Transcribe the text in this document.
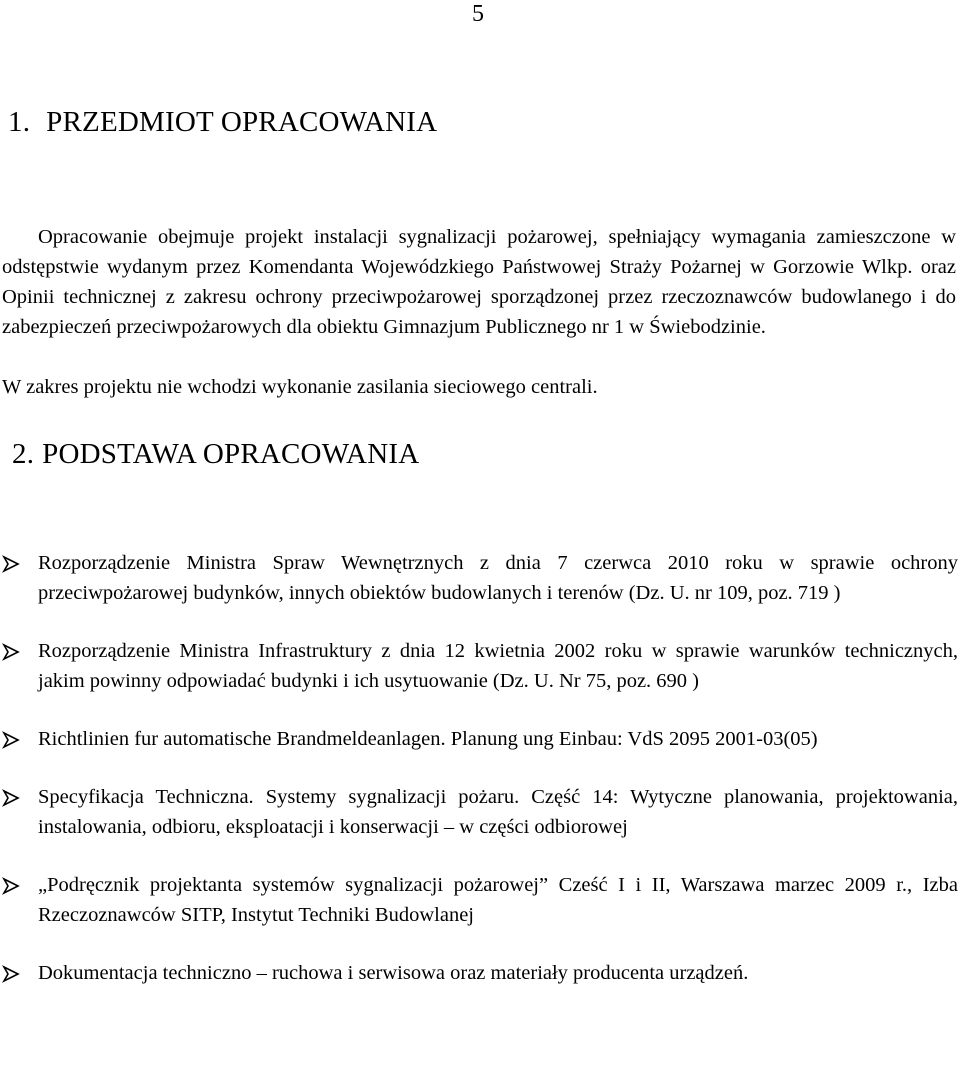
5
1. PRZEDMIOT OPRACOWANIA

Opracowanie obejmuje projekt instalacji sygnalizacji pożarowej, spełniający wymagania zamieszczone w odstępstwie wydanym przez Komendanta Wojewódzkiego Państwowej Straży Pożarnej w Gorzowie Wlkp. oraz Opinii technicznej z zakresu ochrony przeciwpożarowej sporządzonej przez rzeczoznawców budowlanego i do zabezpieczeń przeciwpożarowych dla obiektu Gimnazjum Publicznego nr 1 w Świebodzinie.

W zakres projektu nie wchodzi wykonanie zasilania sieciowego centrali.

2. PODSTAWA OPRACOWANIA
Rozporządzenie Ministra Spraw Wewnętrznych z dnia 7 czerwca 2010 roku w sprawie ochrony przeciwpożarowej budynków, innych obiektów budowlanych i terenów (Dz. U. nr 109, poz. 719 )
Rozporządzenie Ministra Infrastruktury z dnia 12 kwietnia 2002 roku w sprawie warunków technicznych, jakim powinny odpowiadać budynki i ich usytuowanie (Dz. U. Nr 75, poz. 690 )
Richtlinien fur automatische Brandmeldeanlagen. Planung ung Einbau: VdS 2095 2001-03(05)
Specyfikacja Techniczna. Systemy sygnalizacji pożaru. Część 14: Wytyczne planowania, projektowania, instalowania, odbioru, eksploatacji i konserwacji – w części odbiorowej
„Podręcznik projektanta systemów sygnalizacji pożarowej” Cześć I i II, Warszawa marzec 2009 r., Izba Rzeczoznawców SITP, Instytut Techniki Budowlanej
Dokumentacja techniczno – ruchowa i serwisowa oraz materiały producenta urządzeń.
